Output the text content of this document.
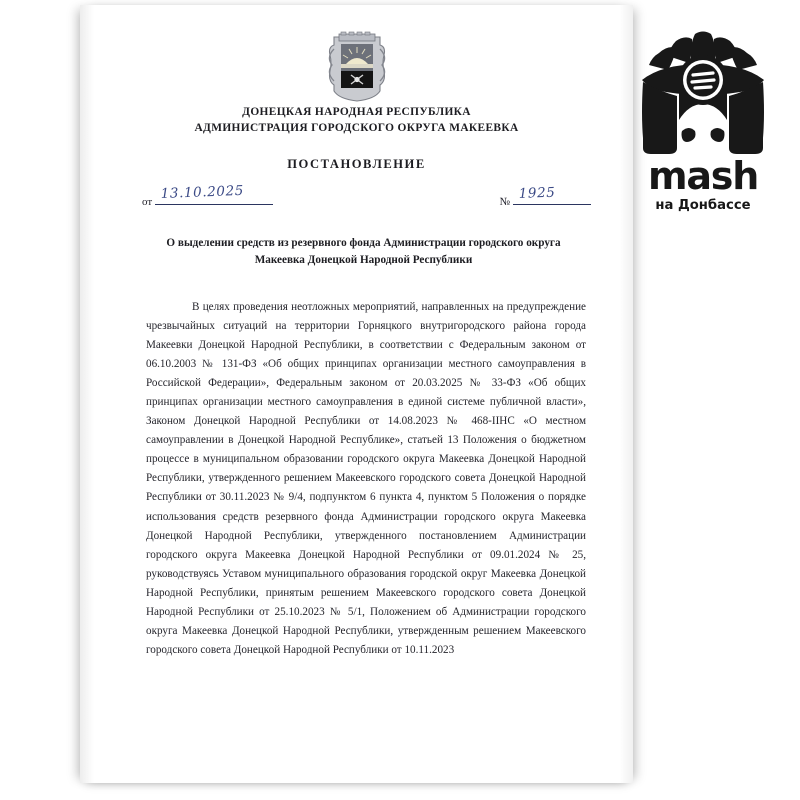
ДОНЕЦКАЯ НАРОДНАЯ РЕСПУБЛИКА
АДМИНИСТРАЦИЯ ГОРОДСКОГО ОКРУГА МАКЕЕВКА
ПОСТАНОВЛЕНИЕ
от 13.10.2025	№ 1925
О выделении средств из резервного фонда Администрации городского округа Макеевка Донецкой Народной Республики

В целях проведения неотложных мероприятий, направленных на предупреждение чрезвычайных ситуаций на территории Горняцкого внутригородского района города Макеевки Донецкой Народной Республики, в соответствии с Федеральным законом от 06.10.2003 № 131-ФЗ «Об общих принципах организации местного самоуправления в Российской Федерации», Федеральным законом от 20.03.2025 № 33-ФЗ «Об общих принципах организации местного самоуправления в единой системе публичной власти», Законом Донецкой Народной Республики от 14.08.2023 № 468-IIНС «О местном самоуправлении в Донецкой Народной Республике», статьей 13 Положения о бюджетном процессе в муниципальном образовании городского округа Макеевка Донецкой Народной Республики, утвержденного решением Макеевского городского совета Донецкой Народной Республики от 30.11.2023 № 9/4, подпунктом 6 пункта 4, пунктом 5 Положения о порядке использования средств резервного фонда Администрации городского округа Макеевка Донецкой Народной Республики, утвержденного постановлением Администрации городского округа Макеевка Донецкой Народной Республики от 09.01.2024 № 25, руководствуясь Уставом муниципального образования городской округ Макеевка Донецкой Народной Республики, принятым решением Макеевского городского совета Донецкой Народной Республики от 25.10.2023 № 5/1, Положением об Администрации городского округа Макеевка Донецкой Народной Республики, утвержденным решением Макеевского городского совета Донецкой Народной Республики от 10.11.2023

mash
на Донбассе
